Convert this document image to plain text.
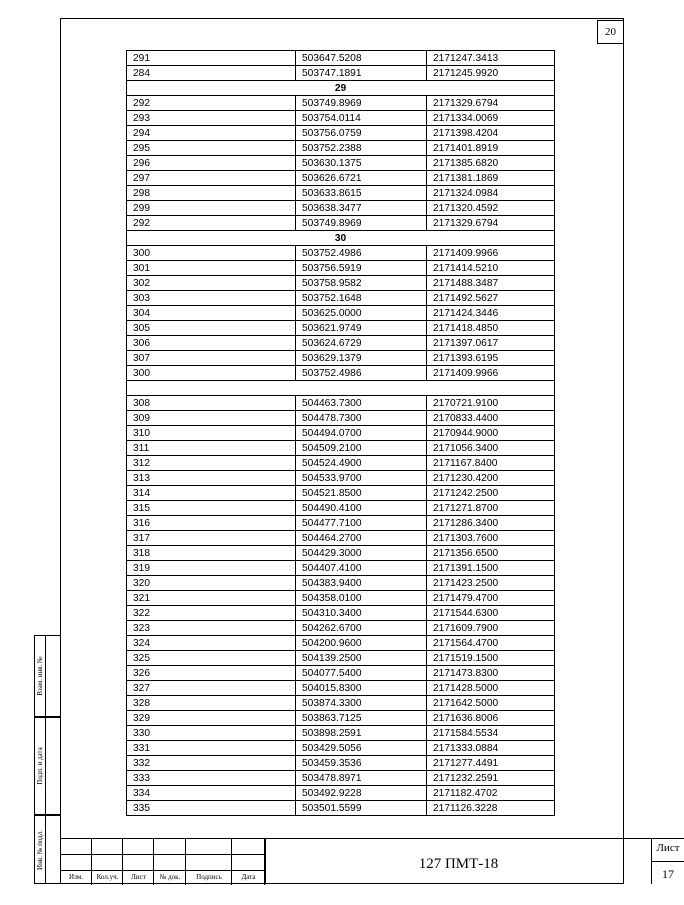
20
291	503647.5208	2171247.3413
284	503747.1891	2171245.9920
29		
292	503749.8969	2171329.6794
293	503754.0114	2171334.0069
294	503756.0759	2171398.4204
295	503752.2388	2171401.8919
296	503630.1375	2171385.6820
297	503626.6721	2171381.1869
298	503633.8615	2171324.0984
299	503638.3477	2171320.4592
292	503749.8969	2171329.6794
30		
300	503752.4986	2171409.9966
301	503756.5919	2171414.5210
302	503758.9582	2171488.3487
303	503752.1648	2171492.5627
304	503625.0000	2171424.3446
305	503621.9749	2171418.4850
306	503624.6729	2171397.0617
307	503629.1379	2171393.6195
300	503752.4986	2171409.9966

308	504463.7300	2170721.9100
309	504478.7300	2170833.4400
310	504494.0700	2170944.9000
311	504509.2100	2171056.3400
312	504524.4900	2171167.8400
313	504533.9700	2171230.4200
314	504521.8500	2171242.2500
315	504490.4100	2171271.8700
316	504477.7100	2171286.3400
317	504464.2700	2171303.7600
318	504429.3000	2171356.6500
319	504407.4100	2171391.1500
320	504383.9400	2171423.2500
321	504358.0100	2171479.4700
322	504310.3400	2171544.6300
323	504262.6700	2171609.7900
324	504200.9600	2171564.4700
325	504139.2500	2171519.1500
326	504077.5400	2171473.8300
327	504015.8300	2171428.5000
328	503874.3300	2171642.5000
329	503863.7125	2171636.8006
330	503898.2591	2171584.5534
331	503429.5056	2171333.0884
332	503459.3536	2171277.4491
333	503478.8971	2171232.2591
334	503492.9228	2171182.4702
335	503501.5599	2171126.3228
Взам. инв. №
Подп. и дата
Инв. № подл.
Изм.	Кол.уч.	Лист	№ док.	Подпись	Дата
127 ПМТ-18
Лист
17
